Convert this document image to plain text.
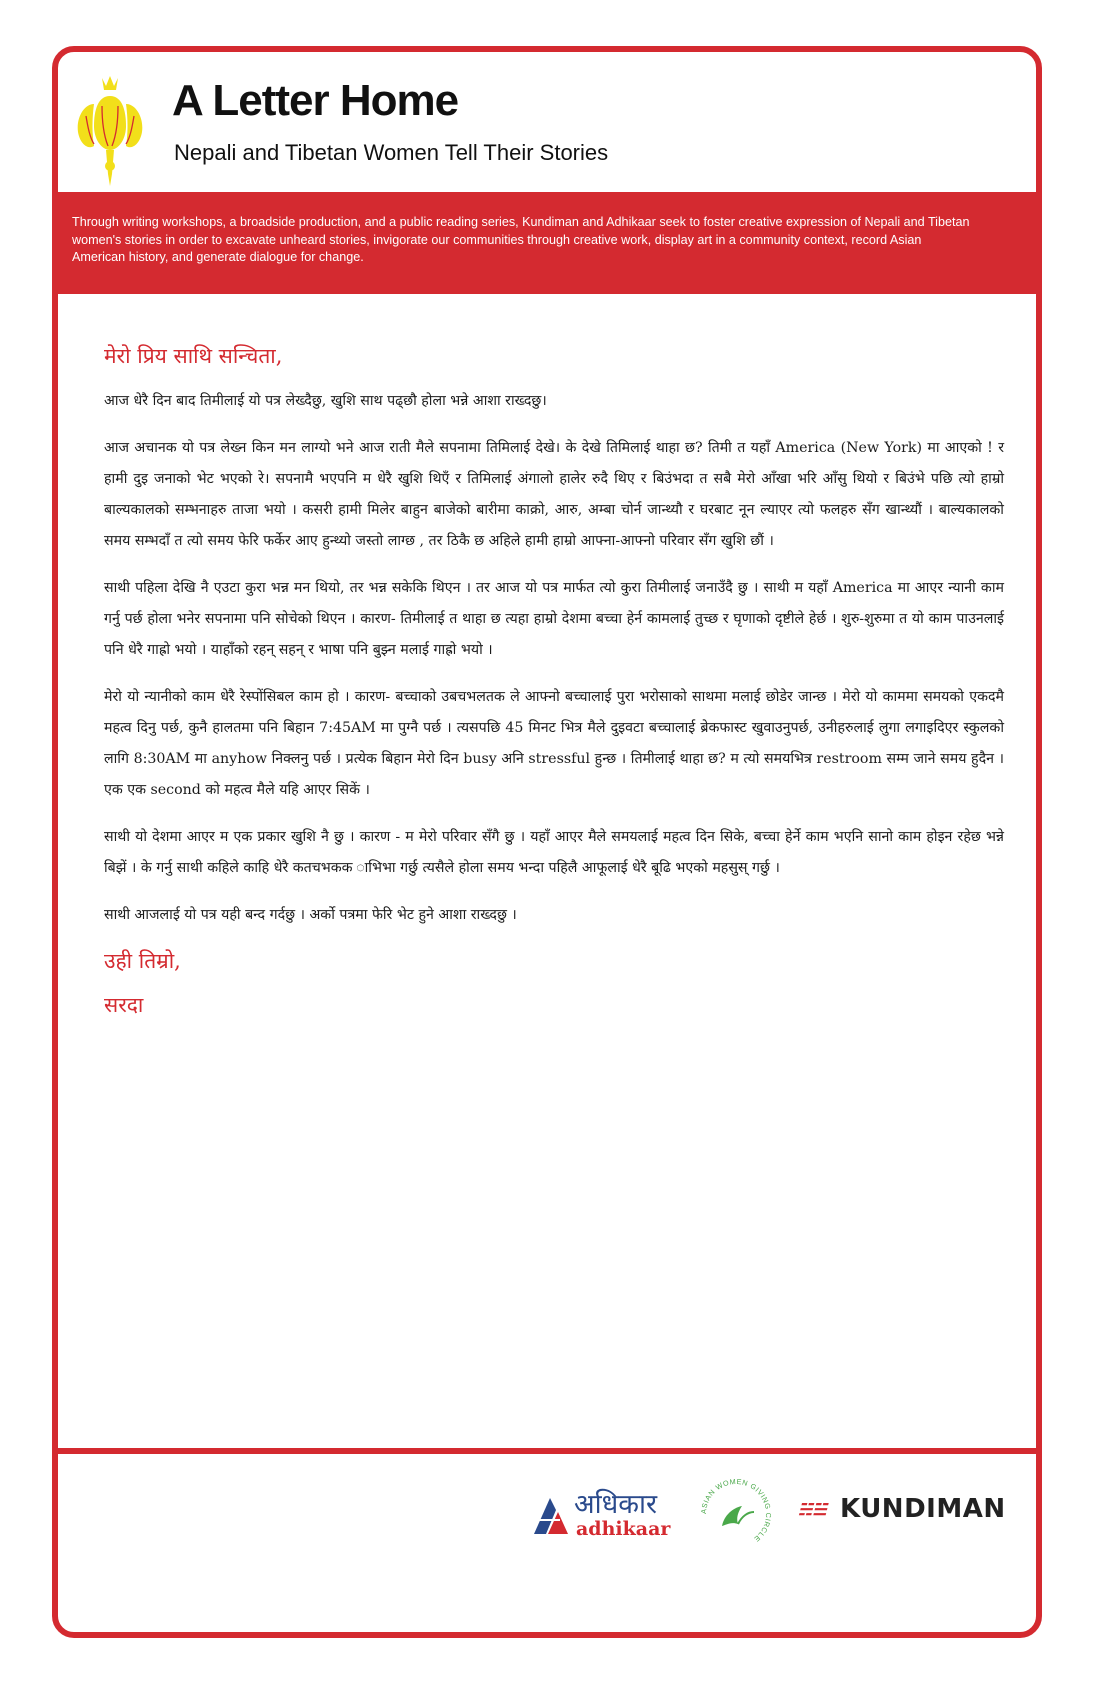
A Letter Home

Nepali and Tibetan Women Tell Their Stories

Through writing workshops, a broadside production, and a public reading series, Kundiman and Adhikaar seek to foster creative expression of Nepali and Tibetan women's stories in order to excavate unheard stories, invigorate our communities through creative work, display art in a community context, record Asian American history, and generate dialogue for change.

मेरो प्रिय साथि सन्चिता,

आज धेरै दिन बाद तिमीलाई यो पत्र लेख्दैछु, खुशि साथ पढ्छौ होला भन्ने आशा राख्दछु।

आज अचानक यो पत्र लेख्न किन मन लाग्यो भने आज राती मैले सपनामा तिमिलाई देखे। के देखे तिमिलाई थाहा छ? तिमी त यहाँ America (New York) मा आएको ! र हामी दुइ जनाको भेट भएको रे। सपनामै भएपनि म धेरै खुशि थिएँ र तिमिलाई अंगालो हालेर रुदै थिए र बिउंभदा त सबै मेरो आँखा भरि आँसु थियो र बिउंभे पछि त्यो हाम्रो बाल्यकालको सम्भनाहरु ताजा भयो । कसरी हामी मिलेर बाहुन बाजेको बारीमा काक्रो, आरु, अम्बा चोर्न जान्थ्यौ र घरबाट नून ल्याएर त्यो फलहरु सँग खान्थ्यौं । बाल्यकालको समय सम्भदाँ त त्यो समय फेरि फर्केर आए हुन्थ्यो जस्तो लाग्छ , तर ठिकै छ अहिले हामी हाम्रो आफ्ना-आफ्नो परिवार सँग खुशि छौं ।

साथी पहिला देखि नै एउटा कुरा भन्न मन थियो, तर भन्न सकेकि थिएन । तर आज यो पत्र मार्फत त्यो कुरा तिमीलाई जनाउँदै छु । साथी म यहाँ America मा आएर न्यानी काम गर्नु पर्छ होला भनेर सपनामा पनि सोचेको थिएन । कारण- तिमीलाई त थाहा छ त्यहा हाम्रो देशमा बच्चा हेर्न कामलाई तुच्छ र घृणाको दृष्टीले हेर्छ । शुरु-शुरुमा त यो काम पाउनलाई पनि धेरै गाह्रो भयो । याहाँको रहन् सहन् र भाषा पनि बुझ्न मलाई गाह्रो भयो ।

मेरो यो न्यानीको काम धेरै रेस्पोंसिबल काम हो । कारण- बच्चाको उबचभलतक ले आफ्नो बच्चालाई पुरा भरोसाको साथमा मलाई छोडेर जान्छ । मेरो यो काममा समयको एकदमै महत्व दिनु पर्छ, कुनै हालतमा पनि बिहान 7:45AM मा पुग्नै पर्छ । त्यसपछि 45 मिनट भित्र मैले दुइवटा बच्चालाई ब्रेकफास्ट खुवाउनुपर्छ, उनीहरुलाई लुगा लगाइदिएर स्कुलको लागि 8:30AM मा anyhow निक्लनु पर्छ । प्रत्येक बिहान मेरो दिन busy अनि stressful हुन्छ । तिमीलाई थाहा छ? म त्यो समयभित्र restroom सम्म जाने समय हुदैन । एक एक second को महत्व मैले यहि आएर सिकें ।

साथी यो देशमा आएर म एक प्रकार खुशि नै छु । कारण - म मेरो परिवार सँगै छु । यहाँ आएर मैले समयलाई महत्व दिन सिके, बच्चा हेर्ने काम भएनि सानो काम होइन रहेछ भन्ने बिझें । के गर्नु साथी कहिले काहि धेरै कतचभकक ाभिभा गर्छु त्यसैले होला समय भन्दा पहिलै आफूलाई धेरै बूढि भएको महसुस् गर्छु ।

साथी आजलाई यो पत्र यही बन्द गर्दछु । अर्को पत्रमा फेरि भेट हुने आशा राख्दछु ।

उही तिम्रो,

सरदा

अधिकार
adhikaar
ASIAN WOMEN GIVING CIRCLE
☵☱ KUNDIMAN
